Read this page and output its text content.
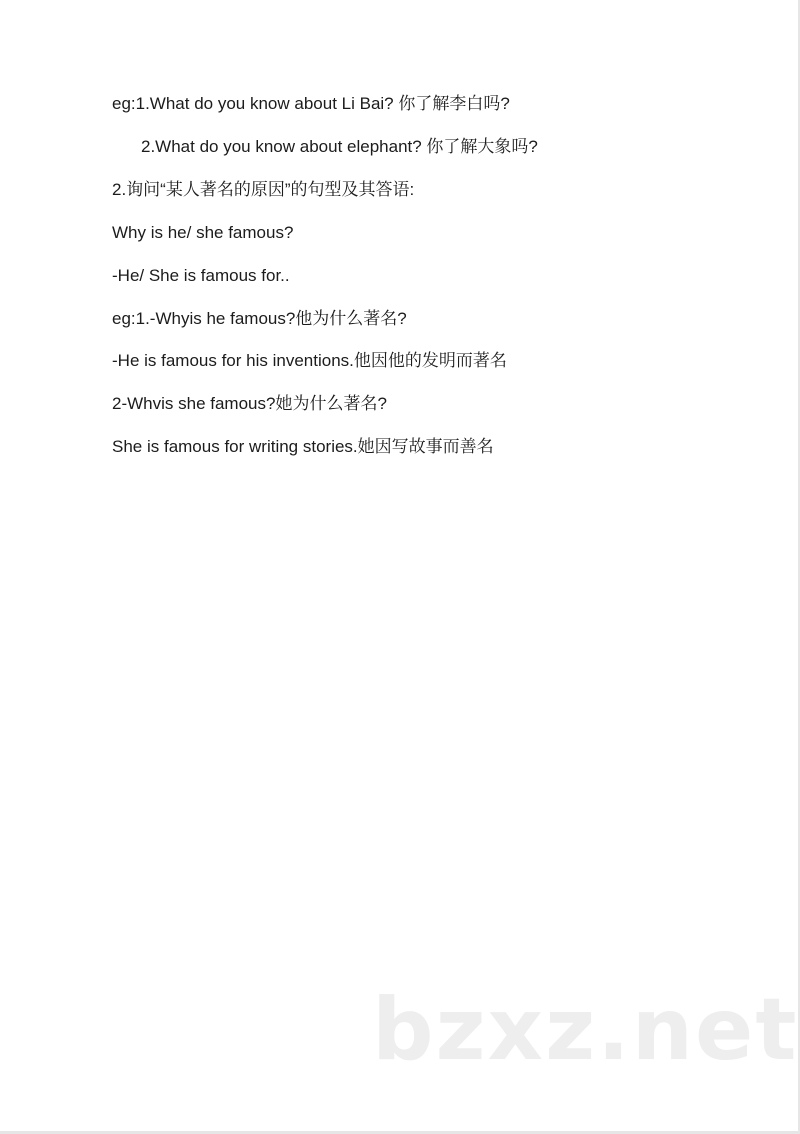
eg:1.What do you know about Li Bai? 你了解李白吗?
2.What do you know about elephant? 你了解大象吗?
2.询问“某人著名的原因”的句型及其答语:
Why is he/ she famous?
-He/ She is famous for..
eg:1.-Whyis he famous?他为什么著名?
-He is famous for his inventions.他因他的发明而著名
2-Whvis she famous?她为什么著名?
She is famous for writing stories.她因写故事而善名
bzxz.net
